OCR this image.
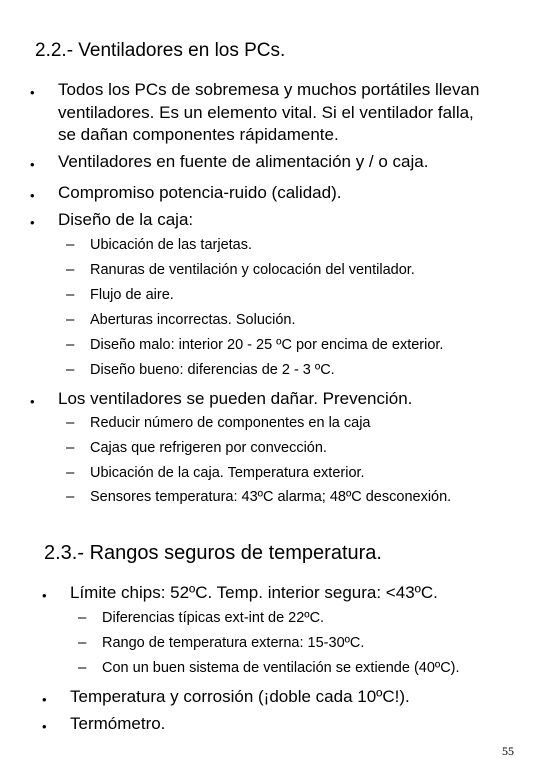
2.2.- Ventiladores en los PCs.
• Todos los PCs de sobremesa y muchos portátiles llevan
ventiladores. Es un elemento vital. Si el ventilador falla,
se dañan componentes rápidamente.
• Ventiladores en fuente de alimentación y / o caja.
• Compromiso potencia-ruido (calidad).
• Diseño de la caja:
– Ubicación de las tarjetas.
– Ranuras de ventilación y colocación del ventilador.
– Flujo de aire.
– Aberturas incorrectas. Solución.
– Diseño malo: interior 20 - 25 ºC por encima de exterior.
– Diseño bueno: diferencias de 2 - 3 ºC.
• Los ventiladores se pueden dañar. Prevención.
– Reducir número de componentes en la caja
– Cajas que refrigeren por convección.
– Ubicación de la caja. Temperatura exterior.
– Sensores temperatura: 43ºC alarma; 48ºC desconexión.
2.3.- Rangos seguros de temperatura.
• Límite chips: 52ºC. Temp. interior segura: <43ºC.
– Diferencias típicas ext-int de 22ºC.
– Rango de temperatura externa: 15-30ºC.
– Con un buen sistema de ventilación se extiende (40ºC).
• Temperatura y corrosión (¡doble cada 10ºC!).
• Termómetro.
55
